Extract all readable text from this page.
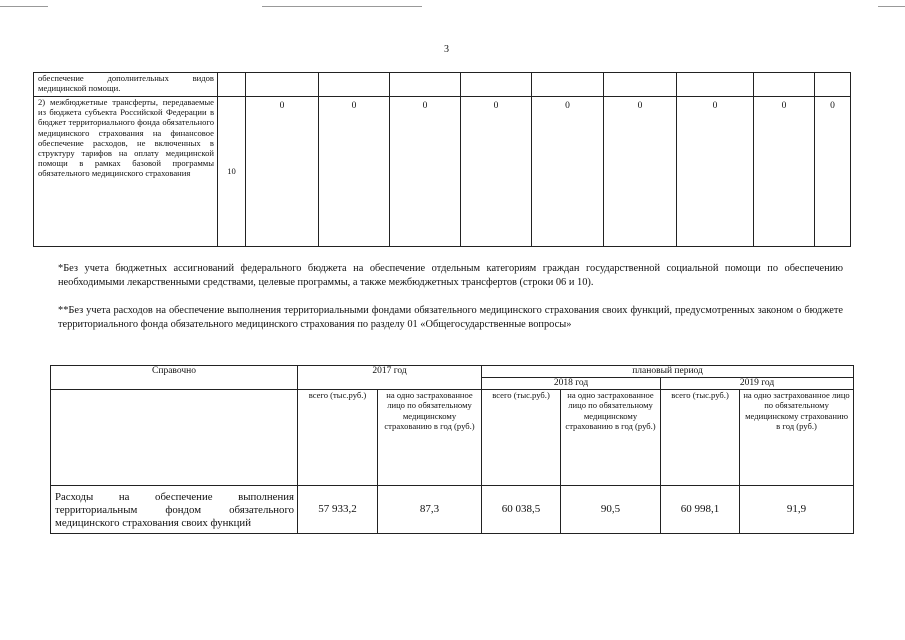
3
обеспечение дополнительных видов медицинской помощи.										
2) межбюджетные трансферты, передаваемые из бюджета субъекта Российской Федерации в бюджет территориального фонда обязательного медицинского страхования на финансовое обеспечение расходов, не включенных в структуру тарифов на оплату медицинской помощи в рамках базовой программы обязательного медицинского страхования	10	0	0	0	0	0	0	0	0	0

*Без учета бюджетных ассигнований федерального бюджета на обеспечение отдельным категориям граждан государственной социальной помощи по обеспечению необходимыми лекарственными средствами, целевые программы, а также межбюджетных трансфертов (строки 06 и 10).

**Без учета расходов на обеспечение выполнения территориальными фондами обязательного медицинского страхования своих функций, предусмотренных законом о бюджете территориального фонда обязательного медицинского страхования по разделу 01 «Общегосударственные вопросы»

Справочно	2017 год		плановый период			
			2018 год		2019 год	
	всего (тыс.руб.)	на одно застрахованное лицо по обязательному медицинскому страхованию в год (руб.)	всего (тыс.руб.)	на одно застрахованное лицо по обязательному медицинскому страхованию в год (руб.)	всего (тыс.руб.)	на одно застрахованное лицо по обязательному медицинскому страхованию в год (руб.)
Расходы на обеспечение выполнения территориальным фондом обязательного медицинского страхования своих функций	57 933,2	87,3	60 038,5	90,5	60 998,1	91,9
